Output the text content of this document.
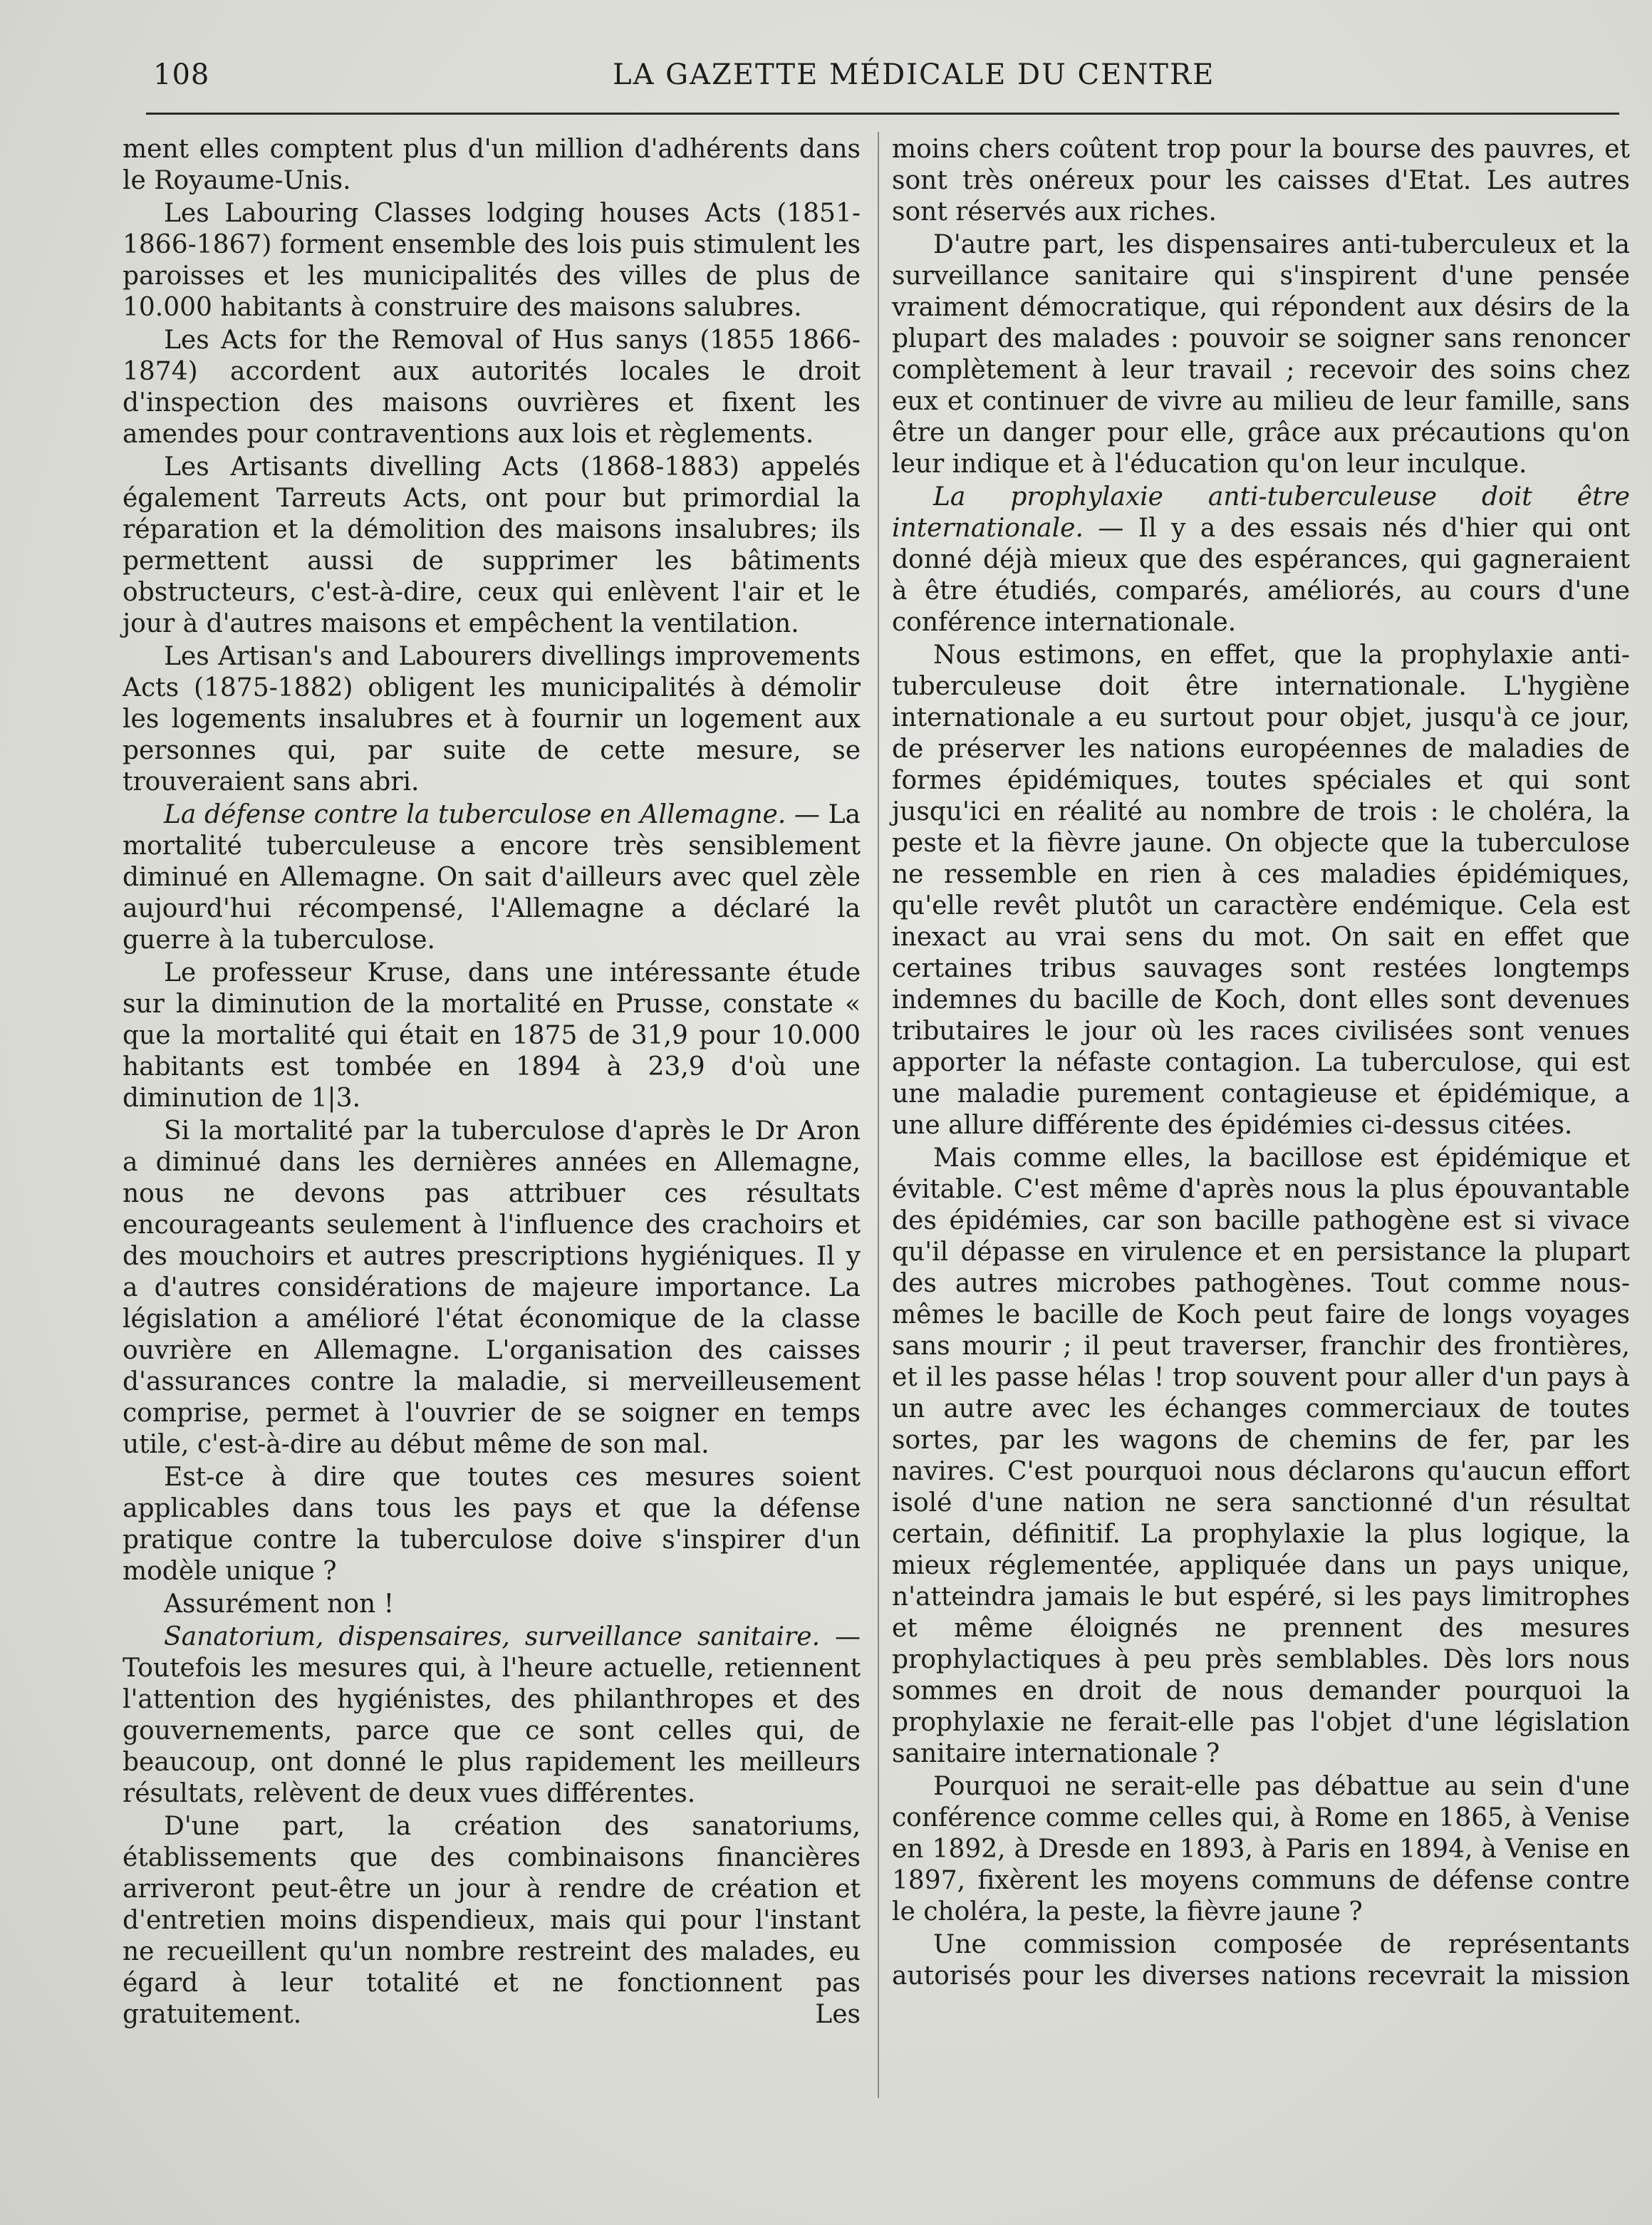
108	LA GAZETTE MÉDICALE DU CENTRE

ment elles comptent plus d'un million d'adhérents dans le Royaume-Unis.

Les Labouring Classes lodging houses Acts (1851-1866-1867) forment ensemble des lois puis stimulent les paroisses et les municipalités des villes de plus de 10.000 habitants à construire des maisons salubres.

Les Acts for the Removal of Hus sanys (1855 1866-1874) accordent aux autorités locales le droit d'inspection des maisons ouvrières et fixent les amendes pour contraventions aux lois et règlements.

Les Artisants divelling Acts (1868-1883) appelés également Tarreuts Acts, ont pour but primordial la réparation et la démolition des maisons insalubres; ils permettent aussi de supprimer les bâtiments obstructeurs, c'est-à-dire, ceux qui enlèvent l'air et le jour à d'autres maisons et empêchent la ventilation.

Les Artisan's and Labourers divellings improvements Acts (1875-1882) obligent les municipalités à démolir les logements insalubres et à fournir un logement aux personnes qui, par suite de cette mesure, se trouveraient sans abri.

La défense contre la tuberculose en Allemagne. — La mortalité tuberculeuse a encore très sensiblement diminué en Allemagne. On sait d'ailleurs avec quel zèle aujourd'hui récompensé, l'Allemagne a déclaré la guerre à la tuberculose.

Le professeur Kruse, dans une intéressante étude sur la diminution de la mortalité en Prusse, constate « que la mortalité qui était en 1875 de 31,9 pour 10.000 habitants est tombée en 1894 à 23,9 d'où une diminution de 1|3.

Si la mortalité par la tuberculose d'après le Dr Aron a diminué dans les dernières années en Allemagne, nous ne devons pas attribuer ces résultats encourageants seulement à l'influence des crachoirs et des mouchoirs et autres prescriptions hygiéniques. Il y a d'autres considérations de majeure importance. La législation a amélioré l'état économique de la classe ouvrière en Allemagne. L'organisation des caisses d'assurances contre la maladie, si merveilleusement comprise, permet à l'ouvrier de se soigner en temps utile, c'est-à-dire au début même de son mal.

Est-ce à dire que toutes ces mesures soient applicables dans tous les pays et que la défense pratique contre la tuberculose doive s'inspirer d'un modèle unique ?

Assurément non !

Sanatorium, dispensaires, surveillance sanitaire. — Toutefois les mesures qui, à l'heure actuelle, retiennent l'attention des hygiénistes, des philanthropes et des gouvernements, parce que ce sont celles qui, de beaucoup, ont donné le plus rapidement les meilleurs résultats, relèvent de deux vues différentes.

D'une part, la création des sanatoriums, établissements que des combinaisons financières arriveront peut-être un jour à rendre de création et d'entretien moins dispendieux, mais qui pour l'instant ne recueillent qu'un nombre restreint des malades, eu égard à leur totalité et ne fonctionnent pas gratuitement. Les

moins chers coûtent trop pour la bourse des pauvres, et sont très onéreux pour les caisses d'Etat. Les autres sont réservés aux riches.

D'autre part, les dispensaires anti-tuberculeux et la surveillance sanitaire qui s'inspirent d'une pensée vraiment démocratique, qui répondent aux désirs de la plupart des malades : pouvoir se soigner sans renoncer complètement à leur travail ; recevoir des soins chez eux et continuer de vivre au milieu de leur famille, sans être un danger pour elle, grâce aux précautions qu'on leur indique et à l'éducation qu'on leur inculque.

La prophylaxie anti-tuberculeuse doit être internationale. — Il y a des essais nés d'hier qui ont donné déjà mieux que des espérances, qui gagneraient à être étudiés, comparés, améliorés, au cours d'une conférence internationale.

Nous estimons, en effet, que la prophylaxie anti-tuberculeuse doit être internationale. L'hygiène internationale a eu surtout pour objet, jusqu'à ce jour, de préserver les nations européennes de maladies de formes épidémiques, toutes spéciales et qui sont jusqu'ici en réalité au nombre de trois : le choléra, la peste et la fièvre jaune. On objecte que la tuberculose ne ressemble en rien à ces maladies épidémiques, qu'elle revêt plutôt un caractère endémique. Cela est inexact au vrai sens du mot. On sait en effet que certaines tribus sauvages sont restées longtemps indemnes du bacille de Koch, dont elles sont devenues tributaires le jour où les races civilisées sont venues apporter la néfaste contagion. La tuberculose, qui est une maladie purement contagieuse et épidémique, a une allure différente des épidémies ci-dessus citées.

Mais comme elles, la bacillose est épidémique et évitable. C'est même d'après nous la plus épouvantable des épidémies, car son bacille pathogène est si vivace qu'il dépasse en virulence et en persistance la plupart des autres microbes pathogènes. Tout comme nous-mêmes le bacille de Koch peut faire de longs voyages sans mourir ; il peut traverser, franchir des frontières, et il les passe hélas ! trop souvent pour aller d'un pays à un autre avec les échanges commerciaux de toutes sortes, par les wagons de chemins de fer, par les navires. C'est pourquoi nous déclarons qu'aucun effort isolé d'une nation ne sera sanctionné d'un résultat certain, définitif. La prophylaxie la plus logique, la mieux réglementée, appliquée dans un pays unique, n'atteindra jamais le but espéré, si les pays limitrophes et même éloignés ne prennent des mesures prophylactiques à peu près semblables. Dès lors nous sommes en droit de nous demander pourquoi la prophylaxie ne ferait-elle pas l'objet d'une législation sanitaire internationale ?

Pourquoi ne serait-elle pas débattue au sein d'une conférence comme celles qui, à Rome en 1865, à Venise en 1892, à Dresde en 1893, à Paris en 1894, à Venise en 1897, fixèrent les moyens communs de défense contre le choléra, la peste, la fièvre jaune ?

Une commission composée de représentants autorisés pour les diverses nations recevrait la mission
